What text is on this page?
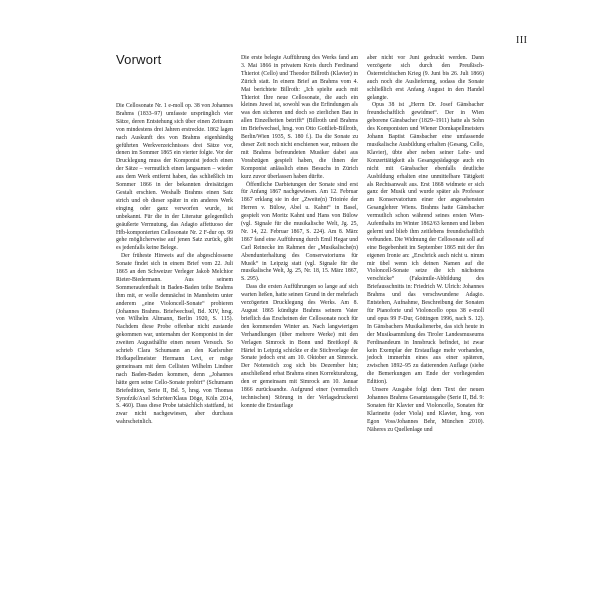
III
Vorwort

Die Cellosonate Nr. 1 e-moll op. 38 von Johannes Brahms (1833–97) umfasste ursprünglich vier Sätze, deren Entstehung sich über einen Zeitraum von mindestens drei Jahren erstreckte. 1862 lagen nach Auskunft des von Brahms eigenhändig geführten Werkverzeichnisses drei Sätze vor, denen im Sommer 1865 ein vierter folgte. Vor der Drucklegung muss der Komponist jedoch einen der Sätze – vermutlich einen langsamen – wieder aus dem Werk entfernt haben, das schließlich im Sommer 1866 in der bekannten dreisätzigen Gestalt erschien. Weshalb Brahms einen Satz strich und ob dieser später in ein anderes Werk einging oder ganz verworfen wurde, ist unbekannt. Für die in der Literatur gelegentlich geäußerte Vermutung, das Adagio affettuoso der Hfb-komponierten Cellosonate Nr. 2 F-dur op. 99 gehe möglicherweise auf jenen Satz zurück, gibt es jedenfalls keine Belege.

Der früheste Hinweis auf die abgeschlossene Sonate findet sich in einem Brief vom 22. Juli 1865 an den Schweizer Verleger Jakob Melchior Rieter-Biedermann. Aus seinem Sommeraufenthalt in Baden-Baden teilte Brahms ihm mit, er wolle demnächst in Mannheim unter anderem „eine Violoncell-Sonate“ probieren (Johannes Brahms. Briefwechsel, Bd. XIV, hrsg. von Wilhelm Altmann, Berlin 1920, S. 115). Nachdem diese Probe offenbar nicht zustande gekommen war, unternahm der Komponist in der zweiten Augusthälfte einen neuen Versuch. So schrieb Clara Schumann an den Karlsruher Hofkapellmeister Hermann Levi, er möge gemeinsam mit dem Cellisten Wilhelm Lindner nach Baden-Baden kommen, denn „Johannes hätte gern seine Cello-Sonate probirt“ (Schumann Briefedition, Serie II, Bd. 5, hrsg. von Thomas Synofzik/Axel Schröter/Klaus Döge, Köln 2014, S. 460). Dass diese Probe tatsächlich stattfand, ist zwar nicht nachgewiesen, aber durchaus wahrscheinlich.

Die erste belegte Aufführung des Werks fand am 3. Mai 1866 in privatem Kreis durch Ferdinand Thieriot (Cello) und Theodor Billroth (Klavier) in Zürich statt. In einem Brief an Brahms vom 4. Mai berichtete Billroth: „Ich spielte auch mit Thieriot Ihre neue Cellosonate, die auch ein kleines Juwel ist, sowohl was die Erfindungen als was den sicheren und doch so zierlichen Bau in allen Einzelheiten betrifft“ (Billroth und Brahms im Briefwechsel, hrsg. von Otto Gottlieb-Billroth, Berlin/Wien 1935, S. 180 f.). Da die Sonate zu dieser Zeit noch nicht erschienen war, müssen die mit Brahms befreundeten Musiker dabei aus Vorabzügen gespielt haben, die ihnen der Komponist anlässlich eines Besuchs in Zürich kurz zuvor überlassen haben dürfte.

Öffentliche Darbietungen der Sonate sind erst für Anfang 1867 nachgewiesen. Am 12. Februar 1867 erklang sie in der „Zweite(n) Trioirée der Herren v. Bülow, Abel u. Kahnt“ in Basel, gespielt von Moritz Kahnt und Hans von Bülow (vgl. Signale für die musikalische Welt, Jg. 25, Nr. 14, 22. Februar 1867, S. 224). Am 8. März 1867 fand eine Aufführung durch Emil Hegar und Carl Reinecke im Rahmen der „Musikalische(n) Abendunterhaltung des Conservatoriums für Musik“ in Leipzig statt (vgl. Signale für die musikalische Welt, Jg. 25, Nr. 18, 15. März 1867, S. 295).

Dass die ersten Aufführungen so lange auf sich warten ließen, hatte seinen Grund in der mehrfach verzögerten Drucklegung des Werks. Am 8. August 1865 kündigte Brahms seinem Vater brieflich das Erscheinen der Cellosonate noch für den kommenden Winter an. Nach langwierigen Verhandlungen (über mehrere Werke) mit den Verlagen Simrock in Bonn und Breitkopf & Härtel in Leipzig schickte er die Stichvorlage der Sonate jedoch erst am 10. Oktober an Simrock. Der Notenstich zog sich bis Dezember hin; anschließend erbat Brahms einen Korrekturabzug, den er gemeinsam mit Simrock am 10. Januar 1866 zurücksandte. Aufgrund einer (vermutlich technischen) Störung in der Verlagsdruckerei konnte die Erstauflage

aber nicht vor Juni gedruckt werden. Dann verzögerte sich durch den Preußisch-Österreichischen Krieg (9. Juni bis 26. Juli 1866) auch noch die Auslieferung, sodass die Sonate schließlich erst Anfang August in den Handel gelangte.

Opus 38 ist „Herrn Dr. Josef Gänsbacher freundschaftlich gewidmet“. Der in Wien geborene Gänsbacher (1829–1911) hatte als Sohn des Komponisten und Wiener Domkapellmeisters Johann Baptist Gänsbacher eine umfassende musikalische Ausbildung erhalten (Gesang, Cello, Klavier), übte aber neben seiner Lehr- und Konzerttätigkeit als Gesangspädagoge auch ein nicht mit Gänsbacher ebenfalls deutliche Ausbildung erhalten eine unmittelbare Tätigkeit als Rechtsanwalt aus. Erst 1868 widmete er sich ganz der Musik und wurde später als Professor am Konservatorium einer der angesehensten Gesanglehrer Wiens. Brahms hatte Gänsbacher vermutlich schon während seines ersten Wien-Aufenthalts im Winter 1862/63 kennen und lieben gelernt und blieb ihm zeitlebens freundschaftlich verbunden. Die Widmung der Cellosonate soll auf eine Begebenheit im September 1865 mit der ihn eigenen Ironie an: „Erschrick auch nicht u. nimm mir übel wenn ich deinen Namen auf die Violoncell-Sonate setze die ich nächstens verschicke“ (Faksimile-Abbildung des Briefausschnitts in: Friedrich W. Ulrich: Johannes Brahms und das verschwundene Adagio. Entstehen, Aufnahme, Beschreibung der Sonaten für Pianoforte und Violoncello opus 38 e-moll und opus 99 F-Dur, Göttingen 1996, nach S. 12). In Gänsbachers Musikalienerbe, das sich heute in der Musiksammlung des Tiroler Landesmuseums Ferdinandeum in Innsbruck befindet, ist zwar kein Exemplar der Erstauflage mehr vorhanden, jedoch immerhin eines aus einer späteren, zwischen 1892–95 zu datierenden Auflage (siehe die Bemerkungen am Ende der vorliegenden Edition).

Unsere Ausgabe folgt dem Text der neuen Johannes Brahms Gesamtausgabe (Serie II, Bd. 9: Sonaten für Klavier und Violoncello, Sonaten für Klarinette (oder Viola) und Klavier, hrsg. von Egon Voss/Johannes Behr, München 2010). Näheres zu Quellenlage und
